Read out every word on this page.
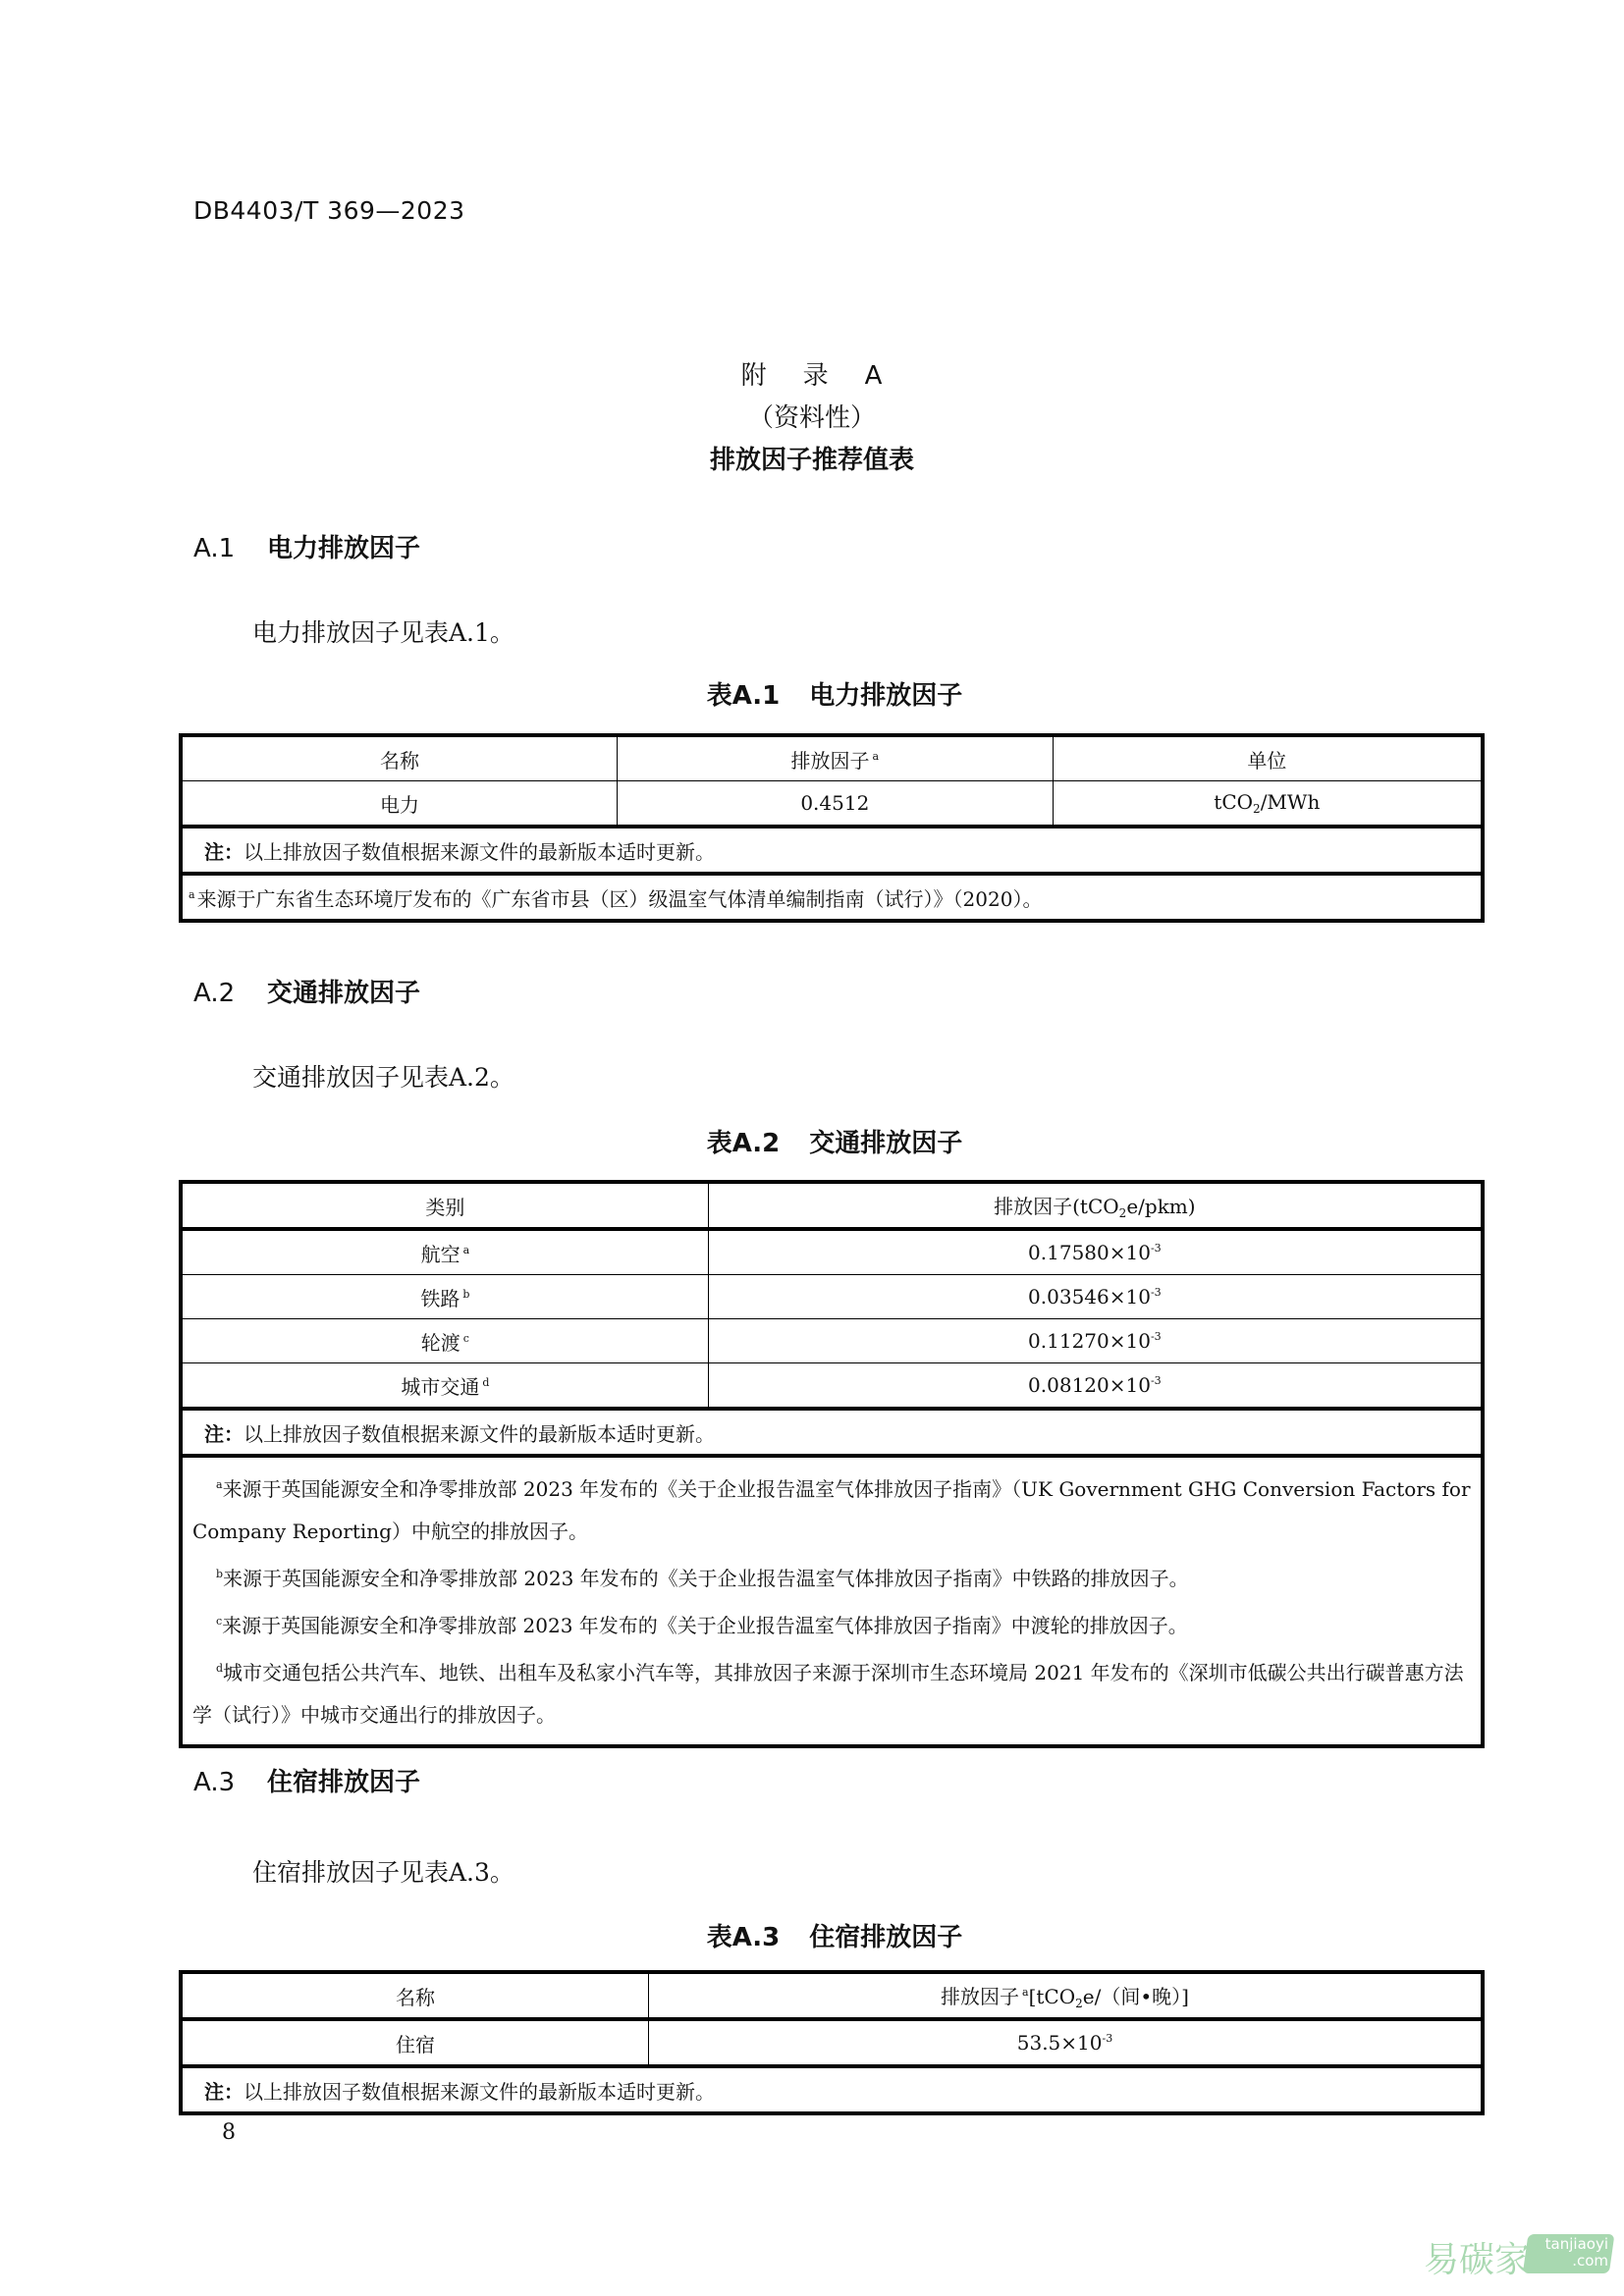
DB4403/T 369—2023
附 录 A
（资料性）
排放因子推荐值表
A.1 电力排放因子
电力排放因子见表A.1。
表A.1 电力排放因子
名称	排放因子 $^a$	单位
电力	0.4512	tCO$_2$/MWh
注：以上排放因子数值根据来源文件的最新版本适时更新。		
$^a$ 来源于广东省生态环境厅发布的《广东省市县（区）级温室气体清单编制指南（试行）》（2020）。		
A.2 交通排放因子
交通排放因子见表A.2。
表A.2 交通排放因子
类别	排放因子(tCO$_2$e/pkm)
航空 $^a$	$0.17580\times 10^{-3}$
铁路 $^b$	$0.03546\times 10^{-3}$
轮渡 $^c$	$0.11270\times 10^{-3}$
城市交通 $^d$	$0.08120\times 10^{-3}$
注：以上排放因子数值根据来源文件的最新版本适时更新。	

$^a$来源于英国能源安全和净零排放部 2023 年发布的《关于企业报告温室气体排放因子指南》（UK Government GHG Conversion Factors for Company Reporting）中航空的排放因子。

$^b$来源于英国能源安全和净零排放部 2023 年发布的《关于企业报告温室气体排放因子指南》中铁路的排放因子。

$^c$来源于英国能源安全和净零排放部 2023 年发布的《关于企业报告温室气体排放因子指南》中渡轮的排放因子。

$^d$城市交通包括公共汽车、地铁、出租车及私家小汽车等，其排放因子来源于深圳市生态环境局 2021 年发布的《深圳市低碳公共出行碳普惠方法学（试行）》中城市交通出行的排放因子。	

A.3 住宿排放因子
住宿排放因子见表A.3。
表A.3 住宿排放因子
名称	排放因子 $^a$[tCO$_2$e/（间•晚）]
住宿	$53.5\times 10^{-3}$
注：以上排放因子数值根据来源文件的最新版本适时更新。	
8
易碳家	tanjiaoyi
.com
